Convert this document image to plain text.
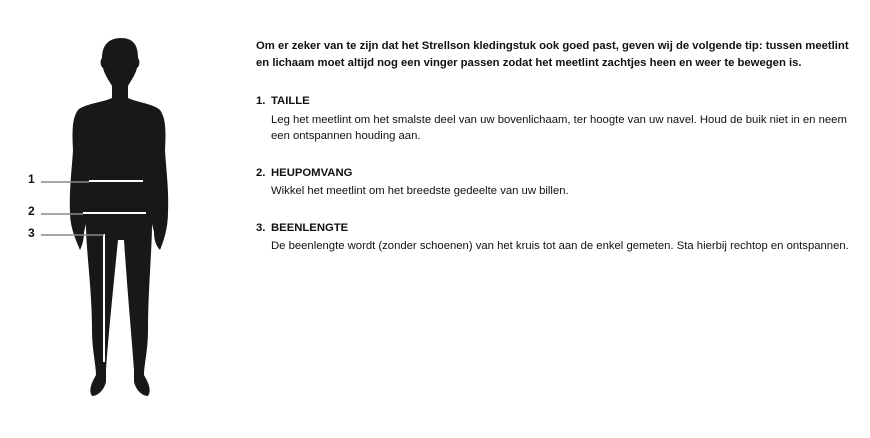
1
2
3

Om er zeker van te zijn dat het Strellson kledingstuk ook goed past, geven wij de volgende tip: tussen meetlint en lichaam moet altijd nog een vinger passen zodat het meetlint zachtjes heen en weer te bewegen is.

1. TAILLE

Leg het meetlint om het smalste deel van uw bovenlichaam, ter hoogte van uw navel. Houd de buik niet in en neem een ontspannen houding aan.

2. HEUPOMVANG

Wikkel het meetlint om het breedste gedeelte van uw billen.

3. BEENLENGTE

De beenlengte wordt (zonder schoenen) van het kruis tot aan de enkel gemeten. Sta hierbij rechtop en ontspannen.
